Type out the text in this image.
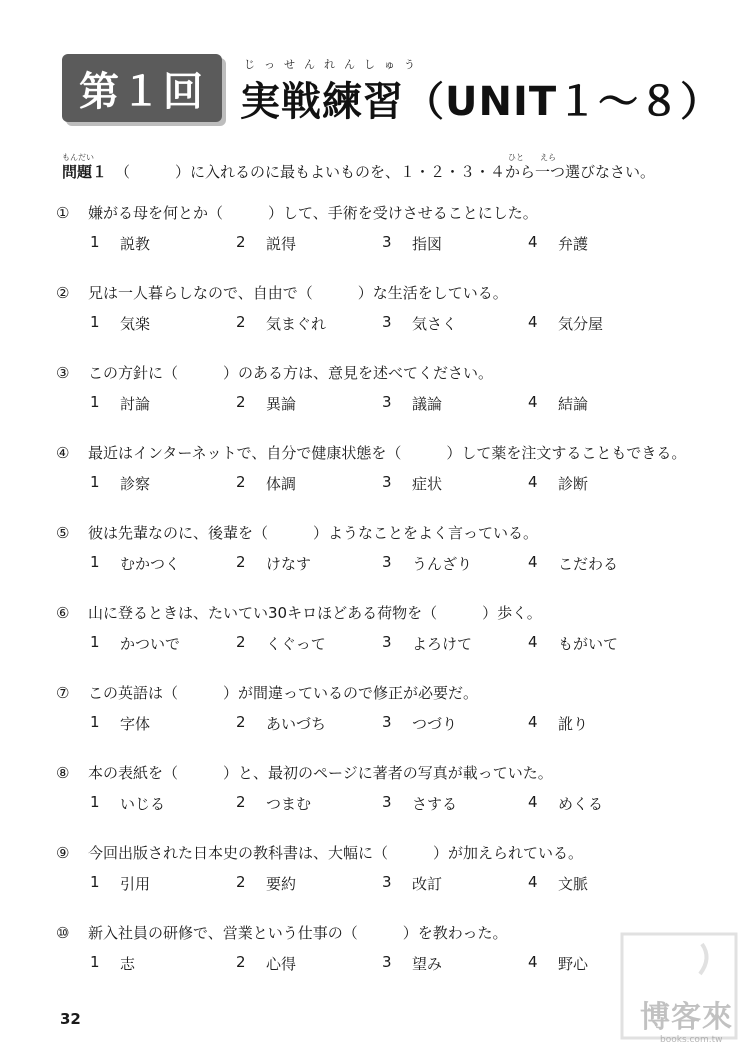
第１回
じっせんれんしゅう
実戦練習（UNIT１～８）
もんだい	ひと　　えら
問題１ （　　　）に入れるのに最もよいものを、１・２・３・４から一つ選びなさい。
①	嫌がる母を何とか（　　　）して、手術を受けさせることにした。
1	説教	2	説得	3	指図	4	弁護
②	兄は一人暮らしなので、自由で（　　　）な生活をしている。
1	気楽	2	気まぐれ	3	気さく	4	気分屋
③	この方針に（　　　）のある方は、意見を述べてください。
1	討論	2	異論	3	議論	4	結論
④	最近はインターネットで、自分で健康状態を（　　　）して薬を注文することもできる。
1	診察	2	体調	3	症状	4	診断
⑤	彼は先輩なのに、後輩を（　　　）ようなことをよく言っている。
1	むかつく	2	けなす	3	うんざり	4	こだわる
⑥	山に登るときは、たいてい30キロほどある荷物を（　　　）歩く。
1	かついで	2	くぐって	3	よろけて	4	もがいて
⑦	この英語は（　　　）が間違っているので修正が必要だ。
1	字体	2	あいづち	3	つづり	4	訛り
⑧	本の表紙を（　　　）と、最初のページに著者の写真が載っていた。
1	いじる	2	つまむ	3	さする	4	めくる
⑨	今回出版された日本史の教科書は、大幅に（　　　）が加えられている。
1	引用	2	要約	3	改訂	4	文脈
⑩	新入社員の研修で、営業という仕事の（　　　）を教わった。
1	志	2	心得	3	望み	4	野心
32	博客來
books.com.tw
